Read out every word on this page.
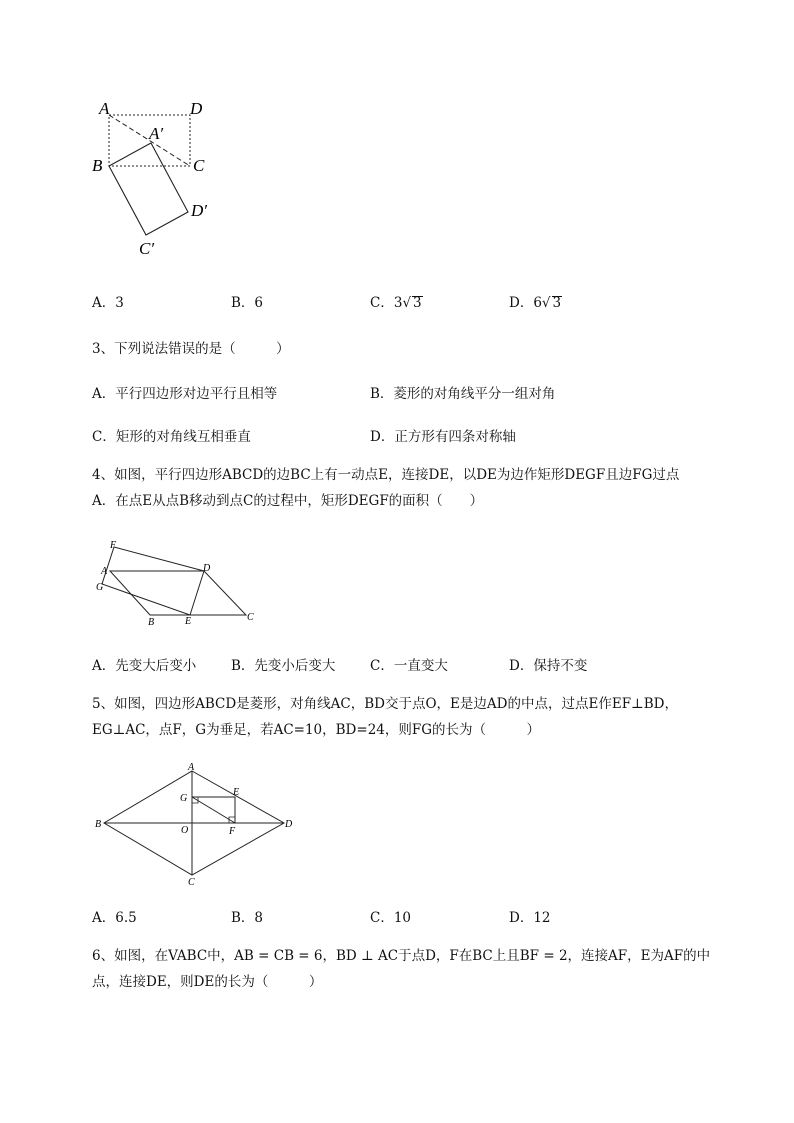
A	D
A′
B	C
D′
C′
A．3	B．6	C．3√ 3	D．6√ 3
3、下列说法错误的是（　　　）
A．平行四边形对边平行且相等	B．菱形的对角线平分一组对角
C．矩形的对角线互相垂直	D．正方形有四条对称轴
4、如图，平行四边形ABCD的边BC上有一动点E，连接DE，以DE为边作矩形DEGF且边FG过点
A．在点E从点B移动到点C的过程中，矩形DEGF的面积（　　）
F
A
G
D
B	E	C
A．先变大后变小	B．先变小后变大	C．一直变大	D．保持不变
5、如图，四边形ABCD是菱形，对角线AC，BD交于点O，E是边AD的中点，过点E作EF⊥BD，
EG⊥AC，点F，G为垂足，若AC=10，BD=24，则FG的长为（　　　）
A
G
E
B
O	F
D
C
A．6.5	B．8	C．10	D．12
6、如图，在VABC中，AB = CB = 6，BD ⊥ AC于点D，F在BC上且BF = 2，连接AF，E为AF的中
点，连接DE，则DE的长为（　　　）
